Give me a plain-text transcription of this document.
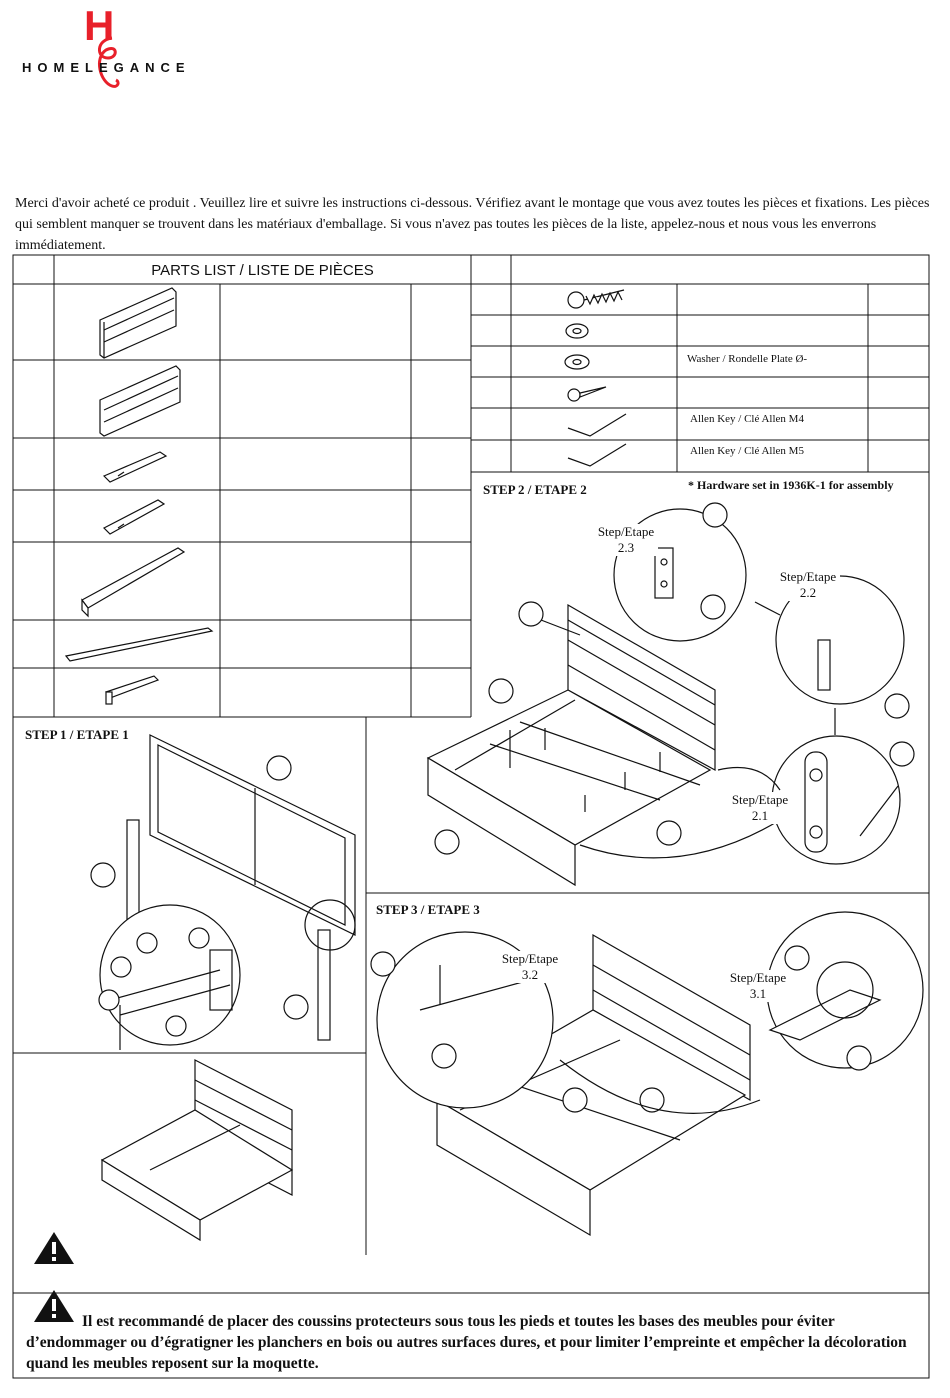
H
HOMELEGANCE
Merci d'avoir acheté ce produit . Veuillez lire et suivre les instructions ci-dessous. Vérifiez avant le montage que vous avez toutes les pièces et fixations. Les pièces qui semblent manquer se trouvent dans les matériaux d'emballage. Si vous n'avez pas toutes les pièces de la liste, appelez-nous et nous vous les enverrons immédiatement.
PARTS LIST / LISTE DE PIÈCES
Washer / Rondelle Plate Ø-
Allen Key / Clé Allen M4
Allen Key / Clé Allen M5
STEP 2 / ETAPE 2	* Hardware set in 1936K-1 for assembly
STEP 1 / ETAPE 1
STEP 3 / ETAPE 3
Step/Etape
2.3
Step/Etape
2.2
Step/Etape
2.1
Step/Etape
3.2	Step/Etape
3.1
Il est recommandé de placer des coussins protecteurs sous tous les pieds et toutes les bases des meubles pour éviter d’endommager ou d’égratigner les planchers en bois ou autres surfaces dures, et pour limiter l’empreinte et empêcher la décoloration quand les meubles reposent sur la moquette.
